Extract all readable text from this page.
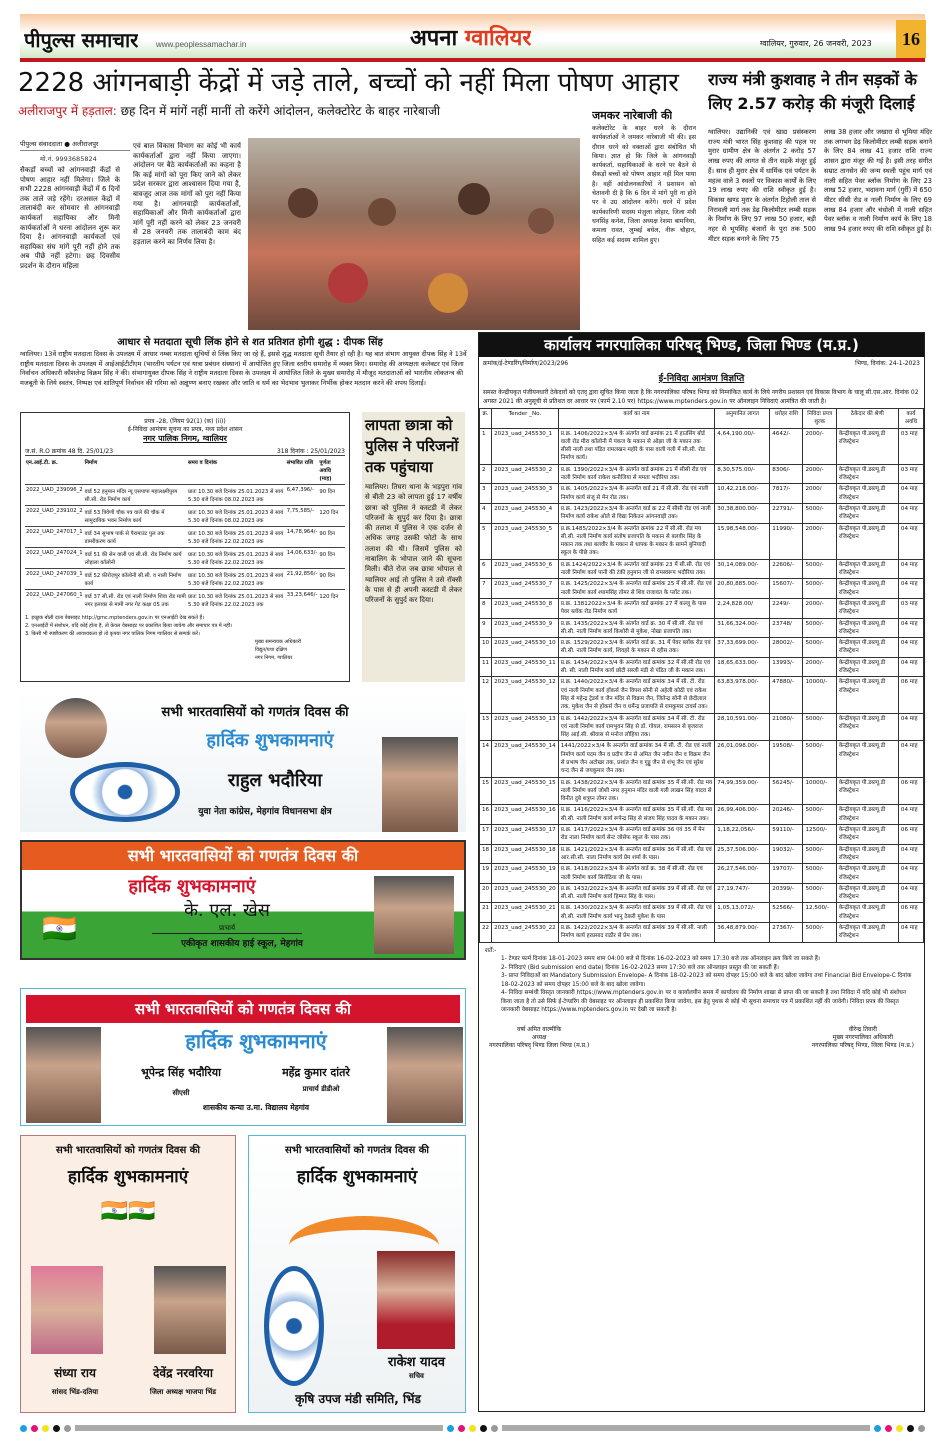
पीपुल्स समाचार www.peoplessamachar.in	अपना ग्वालियर	ग्वालियर, गुरुवार, 26 जनवरी, 2023	16
2228 आंगनबाड़ी केंद्रों में जड़े ताले, बच्चों को नहीं मिला पोषण आहार
अलीराजपुर में हड़ताल: छह दिन में मांगें नहीं मानीं तो करेंगे आंदोलन, कलेक्टोरेट के बाहर नारेबाजी
पीपुल्स संवाददाता ● अलीराजपुर
मो.नं. 9993685824
सैकड़ों बच्चों को आंगनवाड़ी केंद्रों से पोषण आहार नहीं मिलेगा। जिले के सभी 2228 आंगनवाड़ी केंद्रों में 6 दिनों तक ताले जड़े रहेंगे। दरअसल केंद्रों में तालाबंदी कर सोमवार से आंगनवाड़ी कार्यकर्ता सहायिका और मिनी कार्यकर्ताओं ने धरना आंदोलन शुरू कर दिया है। आंगनवाड़ी कार्यकर्ता एवं सहायिका संघ मांगें पूरी नहीं होने तक अब पीछे नहीं हटेगा। छह दिवसीय प्रदर्शन के दौरान महिला
एवं बाल विकास विभाग का कोई भी कार्य कार्यकर्ताओं द्वारा नहीं किया जाएगा। आंदोलन पर बैठे कार्यकर्ताओं का कहना है कि कई मांगों को पूरा किए जाने को लेकर प्रदेश सरकार द्वारा आश्वासन दिया गया है, बावजूद आज तक मांगों को पूरा नहीं किया गया है। आंगनवाड़ी कार्यकर्ताओं, सहायिकाओं और मिनी कार्यकर्ताओं द्वारा मांगें पूरी नहीं करने को लेकर 23 जनवरी से 28 जनवरी तक तालाबंदी काम बंद हड़ताल करने का निर्णय लिया है।
जमकर नारेबाजी की
कलेक्टोरेट के बाहर धरने के दौरान कार्यकर्ताओं ने जमकर नारेबाजी भी की। इस दौरान धरने को वक्ताओं द्वारा संबोधित भी किया। ज्ञात हो कि जिले के आंगनवाड़ी कार्यकर्ता, सहायिकाओं के धरने पर बैठने से सैकड़ों बच्चों को पोषण आहार नहीं मिल पाया है। वहीं आंदोलनकारियों ने प्रशासन को चेतावनी दी है कि 6 दिन में मांगें पूरी ना होने पर वे उग्र आंदोलन करेंगे। धरने में प्रदेश कार्यकारिणी सदस्य मंजुला लोहार, जिला मंत्री धनसिंह कनेश, जिला अध्यक्ष रेशमा बामनिया, कमला रावत, लुम्बई बघेल, नीरू चौहान, सहित कई सदस्य शामिल हुए।
राज्य मंत्री कुशवाह ने तीन सड़कों के लिए 2.57 करोड़ की मंजूरी दिलाई
ग्वालियर। उद्यानिकी एवं खाद्य प्रसंस्करण राज्य मंत्री भारत सिंह कुशवाह की पहल पर मुरार ग्रामीण क्षेत्र के अंतर्गत 2 करोड़ 57 लाख रुपए की लागत से तीन सड़कें मंजूर हुई हैं। साथ ही मुरार क्षेत्र में धार्मिक एवं पर्यटन के महत्व वाले 3 स्थलों पर विकास कार्यों के लिए 19 लाख रुपए की राशि स्वीकृत हुई है। विकास खण्ड मुरार के अंतर्गत टिहोली ताल से निरावली मार्ग तक डेढ़ किलोमीटर लम्बी सड़क के निर्माण के लिए 97 लाख 50 हजार, बड़ी नहर से भूपसिंह बंजारों के पुरा तक 500 मीटर सड़क बनाने के लिए 75
लाख 38 हजार और जखारा से भूमिया मंदिर तक लगभग डेढ़ किलोमीटर लम्बी सड़क बनाने के लिए 84 लाख 41 हजार राशि राज्य शासन द्वारा मंजूर की गई है। इसी तरह संगीत सम्राट तानसेन की जन्म स्थली पहुंच मार्ग एवं नाली सहित पेवर ब्लॉक निर्माण के लिए 23 लाख 52 हजार, भदावना मार्ग (गुर्री) में 650 मीटर सीसी रोड व नाली निर्माण के लिए 69 लाख 84 हजार और चंधोली में नाली सहित पेवर ब्लॉक व नाली निर्माण कार्य के लिए 18 लाख 94 हजार रुपए की राशि स्वीकृत हुई है।
आधार से मतदाता सूची लिंक होने से शत प्रतिशत होगी शुद्ध : दीपक सिंह
ग्वालियर। 13वें राष्ट्रीय मतदाता दिवस के उपलक्ष्य में आधार नम्बर मतदाता सूचियों से लिंक किए जा रहे हैं, इससे शुद्ध मतदाता सूची तैयार हो रही है। यह बात संभाग आयुक्त दीपक सिंह ने 13वें राष्ट्रीय मतदाता दिवस के उपलक्ष्य में आईआईटीटीएम (भारतीय पर्यटन एवं यात्रा प्रबंधन संस्थान) में आयोजित हुए जिला स्तरीय समारोह में व्यक्त किए। समारोह की अध्यक्षता कलेक्टर एवं जिला निर्वाचन अधिकारी कौशलेन्द्र विक्रम सिंह ने की। संभागायुक्त दीपक सिंह ने राष्ट्रीय मतदाता दिवस के उपलक्ष्य में आयोजित जिले के मुख्य समारोह में मौजूद मतदाताओं को भारतीय लोकतन्त्र की मजबूती के लिये स्वतंत्र, निष्पक्ष एवं शांतिपूर्ण निर्वाचन की गरिमा को अक्षुण्ण बनाए रखकर और जाति व धर्म का भेदभाव भुलाकर निर्भीक होकर मतदान करने की शपथ दिलाई।
प्रपत्र -28, (नियम 92(1) (क) (ii))
ई-निविदा आमंत्रण सूचना का प्रपत्र, मध्य प्रदेश शासन
नगर पालिक निगम, ग्वालियर
ज.सं. R.O क्रमांक 48 दि. 25/01/23	318 दिनांक : 25/01/2023
एन.आई.टी. क्र.	निर्माण	समय व दिनांक	संभावित राशि	पूर्णता अवधि (माह)
2022_UAD_239096_2	वार्ड 52 हनुमान मंदिर न्यू एसपापा महालक्ष्मीपुरम सी.सी. रोड निर्माण कार्य	प्रातः 10.30 बजे दिनांक 25.01.2023 से सायं 5.30 बजे दिनांक 08.02.2023 तक	6,47,396/-	90 दिन
2022_UAD_239102_2	वार्ड 53 त्रिवेणी चौक पत्र वाले की चौक में सामुदायिक भवन निर्माण कार्य	प्रातः 10.30 बजे दिनांक 25.01.2023 से सायं 5.30 बजे दिनांक 08.02.2023 तक	7,75,585/-	120 दिन
2022_UAD_247017_1	वार्ड 34 सुभाष पार्क से पैरामाउंट पुल तक डामरीकरण कार्य	प्रातः 10.30 बजे दिनांक 25.01.2023 से सायं 5.30 बजे दिनांक 22.02.2023 तक	14,78,964/-	90 दिन
2022_UAD_247024_1	वार्ड 51 की सेन वाली एवं सी.सी. रोड निर्माण कार्य लोहाला कॉलोनी	प्रातः 10.30 बजे दिनांक 25.01.2023 से सायं 5.30 बजे दिनांक 22.02.2023 तक	14,06,633/-	90 दिन
2022_UAD_247039_1	वार्ड 52 फ़ीरोज़पुर कॉलोनी सी.सी. व नाली निर्माण कार्य	प्रातः 10.30 बजे दिनांक 25.01.2023 से सायं 5.30 बजे दिनांक 22.02.2023 तक	21,92,856/-	90 दिन
2022_UAD_247060_1	वार्ड 37 सी.सी. रोड एवं नाली निर्माण शिवा रोड मामी नगर इलाका से मामी नगर गेट कक्षा 05 तक	प्रातः 10.30 बजे दिनांक 25.01.2023 से सायं 5.30 बजे दिनांक 22.02.2023 तक	33,23,646/-	120 दिन
1. इच्छुक बोली दाता वेबसाइट http://gmc.mptenders.gov.in पर एनआईटी देख सकते हैं।
2. एनआईटी में संशोधन, यदि कोई होता है, तो केवल वेबसाइट पर प्रकाशित किया जायेगा और समाचार पत्र में नहीं।
3. किसी भी स्पष्टीकरण की आवश्यकता हो तो कृपया नगर पालिक निगम ग्वालियर से सम्पर्क करें।
मुख्य समन्वयक अधिकारी
विद्युत/यथा दक्षिण
नगर निगम, ग्वालियर
लापता छात्रा को पुलिस ने परिजनों तक पहुंचाया
ग्वालियर। तिघरा थाना के भड़पुरा गांव से बीती 23 को लापता हुई 17 वर्षीय छात्रा को पुलिस ने कस्टडी में लेकर परिजनों के सुपुर्द कर दिया है। छात्रा की तलाश में पुलिस ने एक दर्जन से अधिक जगह उसकी फोटो के साथ तलाश की थी। जिसमें पुलिस को नाबालिग के भोपाल जाने की सूचना मिली। बीते रोज जब छात्रा भोपाल से ग्वालियर आई तो पुलिस ने उसे रॉक्सी के पास से ही अपनी कस्टडी में लेकर परिजनों के सुपुर्द कर दिया।
कार्यालय नगरपालिका परिषद् भिण्ड, जिला भिण्ड (म.प्र.)
क्रमांक/ई-टेण्डरिंग/निर्माण/2023/296	भिण्ड, दिनांक: 24-1-2023
ई-निविदा आमंत्रण विज्ञप्ति
समस्त केन्द्रीयकृत पंजीयनधारी ठेकेदारों को एतद् द्वारा सूचित किया जाता है कि नगरपालिका परिषद भिण्ड को निम्नांकित कार्य के लिये नगरीय प्रशासन एवं विकास विभाग के चालू सी.एस.आर. दिनांक 02 अगस्त 2021 की अनुसूची से प्रतिशत दर आधार पर (फार्म 2.10 पर) https://www.mptenders.gov.in पर ऑनलाइन निविदाएं आमंत्रित की जाती है।
क्र.	Tender _No.	कार्य का नाम	अनुमानित लागत	धरोहर राशि	निविदा प्रपत्र शुल्क	ठेकेदार की श्रेणी	कार्य अवधि
1	2023_uad_245530_1	प्र.क्र. 1406/2022×3/4 के अंतर्गत वार्ड क्रमांक 21 में हाउसिंग बोर्ड वाली रोड मीरा कॉलोनी में पंकज के मकान से ओझा जी के मकान तक सीसी नाली तथा पंडित रामलखन महोरे के पास वाली गली में सी.सी. रोड निर्माण कार्य।	4,64,190.00/-	4642/-	2000/-	केन्द्रीयकृत पी.डब्ल्यू.डी रजिस्ट्रेशन	03 माह
2	2023_uad_245530_2	प्र.क्र. 1390/2022×3/4 के अंतर्गत वार्ड क्रमांक 21 में सीसी रोड एवं नाली निर्माण कार्य राकेश कनौजिया से ममता भदौरिया तक।	8,30,575.00/-	8306/-	2000/-	केन्द्रीयकृत पी.डब्ल्यू.डी रजिस्ट्रेशन	03 माह
3	2023_uad_245530_3	प्र.क्र. 1405/2022×3/4 के अन्तर्गत वार्ड 21 में सी.सी. रोड एवं नाली निर्माण कार्य संजू से मेन रोड तक।	10,42,218.00/-	7817/-	2000/	केन्द्रीयकृत पी.डब्ल्यू.डी रजिस्ट्रेशन	04 माह
4	2023_uad_245530_4	प्र.क्र. 1423/2022×3/4 के अन्तर्गत वार्ड क्र 22 में सीसी रोड एवं नाली निर्माण कार्य राकेश ओले से विद्या निकेतन आंगनवाड़ी तक।	30,38,800.00/-	22791/-	5000/-	केन्द्रीयकृत पी.डब्ल्यू.डी रजिस्ट्रेशन	04 माह
5	2023_uad_245530_5	प्र.क्र.1485/2022×3/4 के अन्तर्गत क्रमांक 22 में सी.सी. रोड मय सी.सी. नाली निर्माण कार्य संतोष प्रजापति के मकान से बलवीर सिंह के मकान तक तथा बलवीर के मकान से धापक के मकान के सामने बुनियादी स्कूल के पीछे तक।	15,98,548.00/-	11990/-	2000/-	केन्द्रीयकृत पी.डब्ल्यू.डी रजिस्ट्रेशन	04 माह
6	2023_uad_245530_6	प्र.क्र.1424/2022×3/4 के अन्तर्गत वार्ड क्रमांक 23 में सी.सी. रोड एवं नाली निर्माण कार्य पानी की टंकी हनुमान जी से रामस्वरूप भदौरिया तक।	30,14,089.00/-	22606/-	5000/-	केन्द्रीयकृत पी.डब्ल्यू.डी रजिस्ट्रेशन	04 माह
7	2023_uad_245530_7	प्र.क्र. 1425/2022×3/4 के अन्तर्गत वार्ड क्रमांक 25 में सी.सी. रोड एवं नाली निर्माण कार्य श्यामसिंह तोमर से शिव राजावत के प्लॉट तक।	20,80,885.00/-	15607/-	5000/-	केन्द्रीयकृत पी.डब्ल्यू.डी रजिस्ट्रेशन	04 माह
8	2023_uad_245530_8	प्र.क्र. 13812022×3/4 के अन्तर्गत वार्ड क्रमांक 27 में कल्लू के पास पेवर ब्लॉक रोड निर्माण कार्य	2,24,828.00/	2249/-	2000/-	केन्द्रीयकृत पी.डब्ल्यू.डी रजिस्ट्रेशन	03 माह
9	2023_uad_245530_9	प्र.क्र. 1435/2022×3/4 के अंतर्गत वार्ड क्र. 30 में सी.सी. रोड एवं सी.सी. नाली निर्माण कार्य किशोरी से मुकेश, नोखा प्रजापति तक।	31,66,324.00/-	23748/	5000/-	केन्द्रीयकृत पी.डब्ल्यू.डी रजिस्ट्रेशन	04 माह
10	2023_uad_245530_10	प्र.क्र. 1529/2022×3/4 के अंतर्गत वार्ड क्र. 31 में पेवर ब्लॉक रोड एवं सी.सी. नाली निर्माण कार्य, शिवहरे के मकान से रहीस तक।	37,33,699.00/-	28002/-	5000/-	केन्द्रीयकृत पी.डब्ल्यू.डी रजिस्ट्रेशन	04 माह
11	2023_uad_245530_11	प्र.क्र. 1434/2022×3/4 के अन्तर्गत वार्ड क्रमांक 32 में सी.सी रोड एवं सी. सी. नाली निर्माण कार्य छोटी सब्जी मंडी से पंडित जी के मकान तक।	18,65,633.00/-	13993/-	2000/-	केन्द्रीयकृत पी.डब्ल्यू.डी रजिस्ट्रेशन	04 माह
12	2023_uad_245530_12	प्र.क्र. 1440/2022×3/4 के अन्तर्गत वार्ड क्रमांक 34 में सी. टी. रोड एवं नाली निर्माण कार्य हॉकर्स जैन विपश सोनी से अहेली कोठी एवं राकेश सिंह से महेन्द्र ट्रेडर्स व जैन मंदिर से विक्रम जैन, जितेन्द्र सोनी से छेदीलाल तक, मुकेश जैन से हॉकर्स जैन व धर्मेन्द्र प्रजापति से रामकुमार टावर्स तक।	63,83,978.00/-	47880/-	10000/-	केन्द्रीयकृत पी.डब्ल्यू.डी रजिस्ट्रेशन	06 माह
13	2023_uad_245530_13	प्र.क्र. 1442/2022×3/4 के अन्तर्गत वार्ड क्रमांक 34 में सी. टी. रोड एवं नाली निर्माण कार्य रामभुवन सिंह से डॉ. गोयल, रामसरन से बृजराज सिंह आई.सी. श्रीवास से मनोज लोहिया तक।	28,10,591.00/-	21080/-	5000/-	केन्द्रीयकृत पी.डब्ल्यू.डी रजिस्ट्रेशन	04 माह
14	2023_uad_245530_14	1441/2022×3/4 के अन्तर्गत वार्ड क्रमांक 34 में सी. टी. रोड एवं नाली निर्माण कार्य पदम जैन व प्रदीप जैन से अमित जैन नवीन जैन व विक्रम जैन से प्रभाष जैन अटोखर तक, प्रशांत जैन व गुड्डू जैन से शंभू जैन एवं सुरेश चन्द जैन से जयकुमार जैन तक।	26,01,098.00/-	19508/-	5000/-	केन्द्रीयकृत पी.डब्ल्यू.डी रजिस्ट्रेशन	04 माह
15	2023_uad_245530_15	प्र.क्र. 1438/2022×3/4 के अन्तर्गत वार्ड क्रमांक 35 में सी.सी. रोड मय नाली निर्माण कार्य जोशी नगर हनुमान मंदिर वाली गली लाखन सिंह यादव से विनीत दुबे शत्रुघ्न तोमर तक।	74,99,359.00/-	56245/-	10000/-	केन्द्रीयकृत पी.डब्ल्यू.डी रजिस्ट्रेशन	06 माह
16	2023_uad_245530_16	प्र.क्र. 1416/2022×3/4 के अन्तर्गत वार्ड क्रमांक 35 में सी.सी. रोड मय सी.सी. नाली निर्माण कार्य रूपेन्द्र सिंह से संजय सिंह यादव के मकान तक।	26,99,406.00/-	20246/-	5000/-	केन्द्रीयकृत पी.डब्ल्यू.डी रजिस्ट्रेशन	04 माह
17	2023_uad_245530_17	प्र.क्र. 1417/2022×3/4 के अन्तर्गत वार्ड क्रमांक 36 एवं 35 में मेन रोड नाला निर्माण कार्य सेन्ट जोसेफ स्कूल के पास तक।	1,18,22,056/-	59110/-	12500/-	केन्द्रीयकृत पी.डब्ल्यू.डी रजिस्ट्रेशन	06 माह
18	2023_uad_245530_18	प्र.क्र. 1421/2022×3/4 के अन्तर्गत वार्ड क्रमांक 36 में सी.सी. रोड एवं आर.सी.सी. नाला निर्माण कार्य प्रेम शर्मा के पास।	25,37,506.00/-	19032/-	5000/-	केन्द्रीयकृत पी.डब्ल्यू.डी रजिस्ट्रेशन	04 माह
19	2023_uad_245530_19	प्र.क्र. 1418/2022×3/4 के अंतर्गत वार्ड क्र. 38 में सी.सी. रोड एवं नाली निर्माण कार्य सिरोठिया जी के पास।	26,27,546.00/-	19707/-	5000/-	केन्द्रीयकृत पी.डब्ल्यू.डी रजिस्ट्रेशन	04 माह
20	2023_uad_245530_20	प्र.क्र. 1432/2022×3/4 के अन्तर्गत वार्ड क्रमांक 39 में सी.सी. रोड एवं सी.सी. नाली निर्माण कार्य हिम्मत सिंह के पास।	27,19,747/-	20399/-	5000/-	केन्द्रीयकृत पी.डब्ल्यू.डी रजिस्ट्रेशन	04 माह
21	2023_uad_245530_21	प्र.क्र. 1430/2022×3/4 के अन्तर्गत वार्ड क्रमांक 39 में सी.सी. रोड एवं सी.सी. नाली निर्माण कार्य भानू ठेकरी मुकेश के पास	1,05,13,072/-	52566/-	12,500/-	केन्द्रीयकृत पी.डब्ल्यू.डी रजिस्ट्रेशन	06 माह
22	2023_uad_245530_22	प्र.क्र. 1422/2022×3/4 के अन्तर्गत वार्ड क्रमांक 39 में सी.सी. नाली निर्माण कार्य हरप्रसाद राठौर से प्रेम तक।	36,48,879.00/-	27367/-	5000/-	केन्द्रीयकृत पी.डब्ल्यू.डी रजिस्ट्रेशन	04 माह
शर्तें:-
1- टेण्डर फार्म दिनांक 18-01-2023 समय शाम 04:00 बजे से दिनांक 16-02-2023 को समय 17:30 बजे तक ऑनलाइन क्रय किये जा सकते हैं।
2- निविदाएं (Bid submission end date) दिनांक 16-02-2023 समय 17:30 बजे तक ऑनलाइन प्रस्तुत की जा सकती हैं।
3- प्राप्त निविदाओं का Mandatory Submission Envelope- A दिनांक 18-02-2023 को समय दोपहर 15:00 बजे के बाद खोला जावेगा तथा Financial Bid Envelope-C दिनांक 18-02-2023 को समय दोपहर 15:00 बजे के बाद खोला जावेगा।
4- निविदा सम्बंधी विस्तृत जानकारी https://www.mptenders.gov.in पर व कार्यालयीन समय में कार्यालय की निर्माण शाखा से प्राप्त की जा सकती है तथा निविदा में यदि कोई भी संशोधन किया जाता है तो उसे सिर्फ ई-टेण्डरिंग की वेबसाइट पर ऑनलाइन ही प्रकाशित किया जावेगा, इस हेतु पृथक से कोई भी सूचना समाचार पत्र में प्रकाशित नहीं की जावेगी। निविदा प्रपत्र की विस्तृत जानकारी वेबसाइट https://www.mptenders.gov.in पर देखी जा सकती है।
वर्षा अमित वाल्मीकि
अध्यक्ष
नगरपालिका परिषद् भिण्ड जिला भिण्ड (म.प्र.)
वीरेन्द्र तिवारी
मुख्य नगरपालिका अधिकारी
नगरपालिका परिषद् भिण्ड, जिला भिण्ड (म.प्र.)
सभी भारतवासियों को गणतंत्र दिवस की
हार्दिक शुभकामनाएं
राहुल भदौरिया
युवा नेता कांग्रेस, मेहगांव विधानसभा क्षेत्र
सभी भारतवासियों को गणतंत्र दिवस की
हार्दिक शुभकामनाएं
🇮🇳
के. एल. खेस
प्राचार्य
एकीकृत शासकीय हाई स्कूल, मेहगांव
सभी भारतवासियों को गणतंत्र दिवस की
हार्दिक शुभकामनाएं
भूपेन्द्र सिंह भदौरिया	महेंद्र कुमार दांतरे
सीएसी	प्राचार्य डीडीओ
शासकीय कन्या उ.मा. विद्यालय मेहगांव
सभी भारतवासियों को गणतंत्र दिवस की
हार्दिक शुभकामनाएं
🇮🇳🇮🇳
संध्या राय	देवेंद्र नरवरिया
सांसद भिंड-दतिया	जिला अध्यक्ष भाजपा भिंड
सभी भारतवासियों को गणतंत्र दिवस की
हार्दिक शुभकामनाएं
राकेश यादव
सचिव
कृषि उपज मंडी समिति, भिंड
